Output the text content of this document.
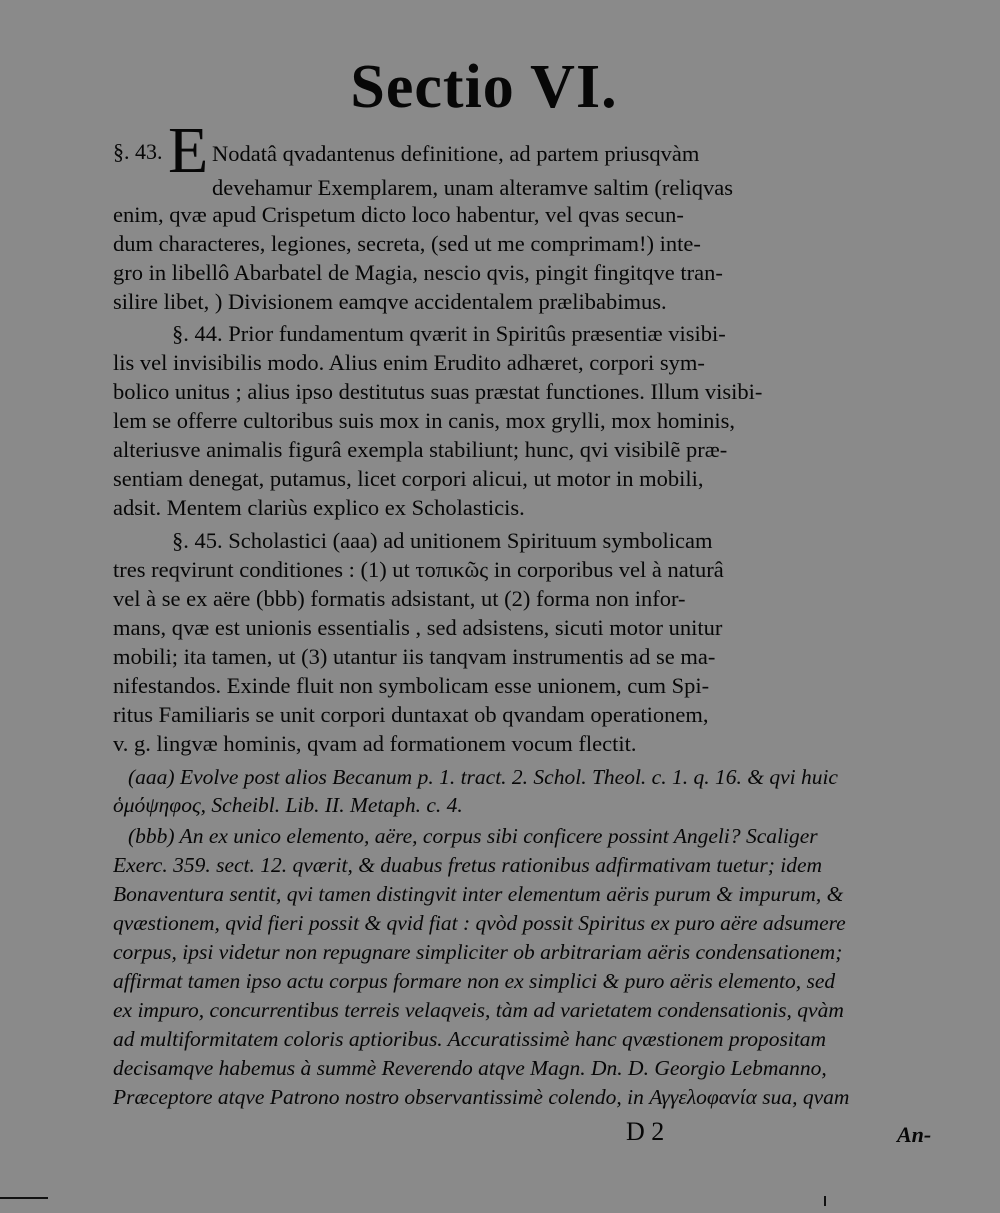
Sectio VI.
§. 43. E Nodatâ qvadantenus definitione, ad partem priusqvàm
devehamur Exemplarem, unam alteramve saltim (reliqvas
enim, qvæ apud Crispetum dicto loco habentur, vel qvas secun-
dum characteres, legiones, secreta, (sed ut me comprimam!) inte-
gro in libellô Abarbatel de Magia, nescio qvis, pingit fingitqve tran-
silire libet, ) Divisionem eamqve accidentalem prælibabimus.
§. 44. Prior fundamentum qværit in Spiritûs præsentiæ visibi-
lis vel invisibilis modo. Alius enim Erudito adhæret, corpori sym-
bolico unitus ; alius ipso destitutus suas præstat functiones. Illum visibi-
lem se offerre cultoribus suis mox in canis, mox grylli, mox hominis,
alteriusve animalis figurâ exempla stabiliunt; hunc, qvi visibilẽ præ-
sentiam denegat, putamus, licet corpori alicui, ut motor in mobili,
adsit. Mentem clariùs explico ex Scholasticis.
§. 45. Scholastici (aaa) ad unitionem Spirituum symbolicam
tres reqvirunt conditiones : (1) ut τοπικῶς in corporibus vel à naturâ
vel à se ex aëre (bbb) formatis adsistant, ut (2) forma non infor-
mans, qvæ est unionis essentialis , sed adsistens, sicuti motor unitur
mobili; ita tamen, ut (3) utantur iis tanqvam instrumentis ad se ma-
nifestandos. Exinde fluit non symbolicam esse unionem, cum Spi-
ritus Familiaris se unit corpori duntaxat ob qvandam operationem,
v. g. lingvæ hominis, qvam ad formationem vocum flectit.
(aaa) Evolve post alios Becanum p. 1. tract. 2. Schol. Theol. c. 1. q. 16. & qvi huic
ὁμόψηφος, Scheibl. Lib. II. Metaph. c. 4.
(bbb) An ex unico elemento, aëre, corpus sibi conficere possint Angeli? Scaliger
Exerc. 359. sect. 12. qværit, & duabus fretus rationibus adfirmativam tuetur; idem
Bonaventura sentit, qvi tamen distingvit inter elementum aëris purum & impurum, &
qvæstionem, qvid fieri possit & qvid fiat : qvòd possit Spiritus ex puro aëre adsumere
corpus, ipsi videtur non repugnare simpliciter ob arbitrariam aëris condensationem;
affirmat tamen ipso actu corpus formare non ex simplici & puro aëris elemento, sed
ex impuro, concurrentibus terreis velaqveis, tàm ad varietatem condensationis, qvàm
ad multiformitatem coloris aptioribus. Accuratissimè hanc qvæstionem propositam
decisamqve habemus à summè Reverendo atqve Magn. Dn. D. Georgio Lebmanno,
Præceptore atqve Patrono nostro observantissimè colendo, in Αγγελοφανία sua, qvam
D 2	An-
